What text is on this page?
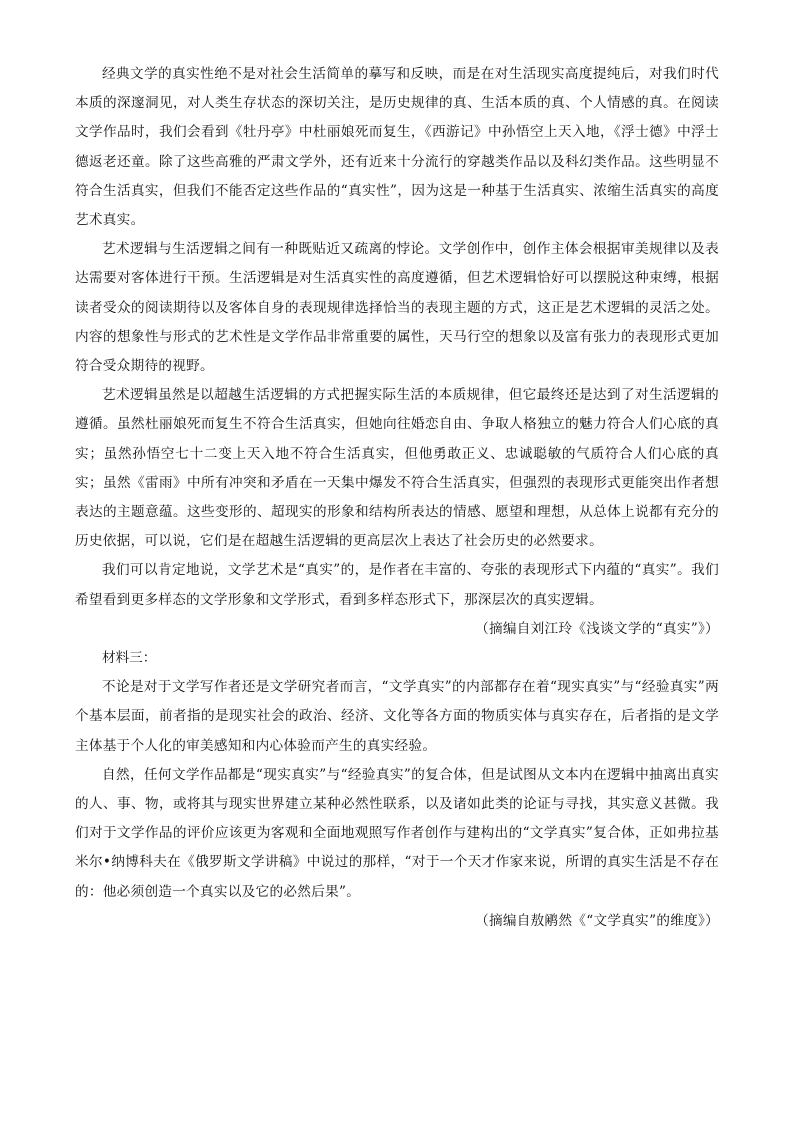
经典文学的真实性绝不是对社会生活简单的摹写和反映，而是在对生活现实高度提纯后，对我们时代本质的深邃洞见，对人类生存状态的深切关注，是历史规律的真、生活本质的真、个人情感的真。在阅读文学作品时，我们会看到《牡丹亭》中杜丽娘死而复生，《西游记》中孙悟空上天入地，《浮士德》中浮士德返老还童。除了这些高雅的严肃文学外，还有近来十分流行的穿越类作品以及科幻类作品。这些明显不符合生活真实，但我们不能否定这些作品的“真实性”，因为这是一种基于生活真实、浓缩生活真实的高度艺术真实。

艺术逻辑与生活逻辑之间有一种既贴近又疏离的悖论。文学创作中，创作主体会根据审美规律以及表达需要对客体进行干预。生活逻辑是对生活真实性的高度遵循，但艺术逻辑恰好可以摆脱这种束缚，根据读者受众的阅读期待以及客体自身的表现规律选择恰当的表现主题的方式，这正是艺术逻辑的灵活之处。内容的想象性与形式的艺术性是文学作品非常重要的属性，天马行空的想象以及富有张力的表现形式更加符合受众期待的视野。

艺术逻辑虽然是以超越生活逻辑的方式把握实际生活的本质规律，但它最终还是达到了对生活逻辑的遵循。虽然杜丽娘死而复生不符合生活真实，但她向往婚恋自由、争取人格独立的魅力符合人们心底的真实；虽然孙悟空七十二变上天入地不符合生活真实，但他勇敢正义、忠诚聪敏的气质符合人们心底的真实；虽然《雷雨》中所有冲突和矛盾在一天集中爆发不符合生活真实，但强烈的表现形式更能突出作者想表达的主题意蕴。这些变形的、超现实的形象和结构所表达的情感、愿望和理想，从总体上说都有充分的历史依据，可以说，它们是在超越生活逻辑的更高层次上表达了社会历史的必然要求。

我们可以肯定地说，文学艺术是“真实”的，是作者在丰富的、夸张的表现形式下内蕴的“真实”。我们希望看到更多样态的文学形象和文学形式，看到多样态形式下，那深层次的真实逻辑。

（摘编自刘江玲《浅谈文学的“真实”》）

材料三：

不论是对于文学写作者还是文学研究者而言，“文学真实”的内部都存在着“现实真实”与“经验真实”两个基本层面，前者指的是现实社会的政治、经济、文化等各方面的物质实体与真实存在，后者指的是文学主体基于个人化的审美感知和内心体验而产生的真实经验。

自然，任何文学作品都是“现实真实”与“经验真实”的复合体，但是试图从文本内在逻辑中抽离出真实的人、事、物，或将其与现实世界建立某种必然性联系，以及诸如此类的论证与寻找，其实意义甚微。我们对于文学作品的评价应该更为客观和全面地观照写作者创作与建构出的“文学真实”复合体，正如弗拉基米尔•纳博科夫在《俄罗斯文学讲稿》中说过的那样，“对于一个天才作家来说，所谓的真实生活是不存在的：他必须创造一个真实以及它的必然后果”。

（摘编自敖鹇然《“文学真实”的维度》）
